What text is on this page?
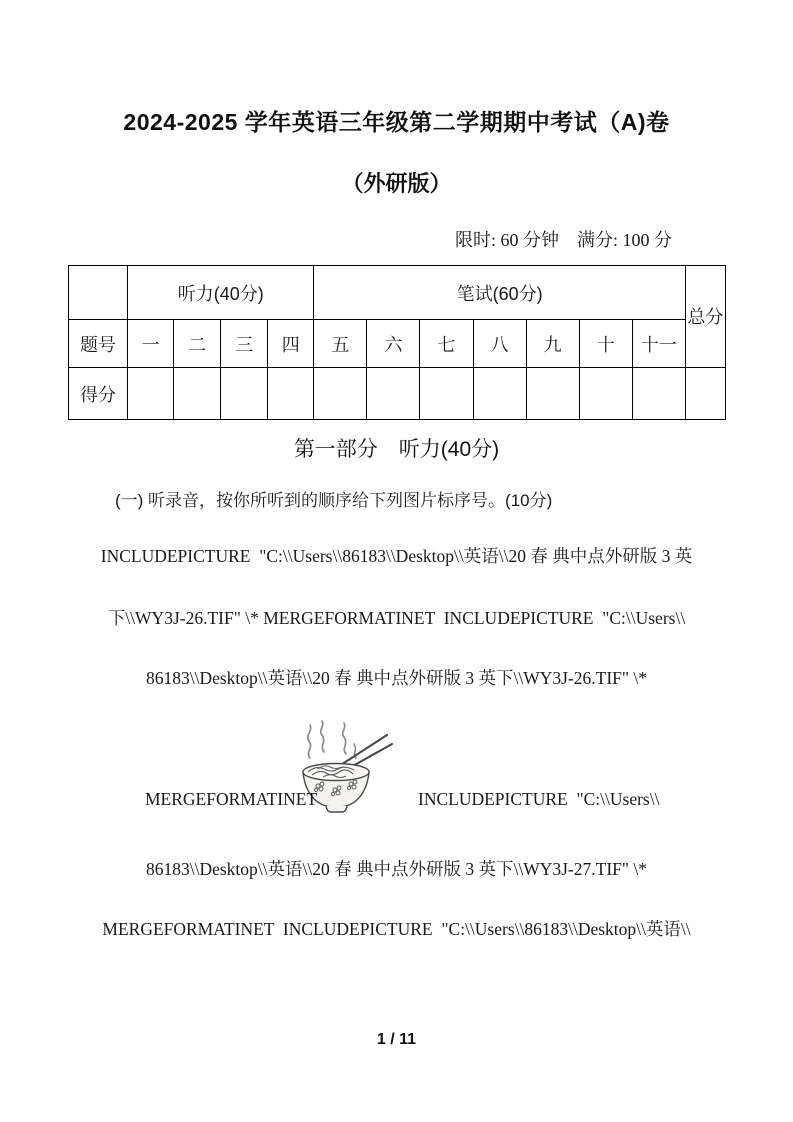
2024-2025 学年英语三年级第二学期期中考试（A)卷
（外研版）
限时: 60 分钟　满分: 100 分
	听力(40分)				笔试(60分)							总分
题号	一	二	三	四	五	六	七	八	九	十	十一	
得分												
第一部分　听力(40分)
(一) 听录音，按你所听到的顺序给下列图片标序号。(10分)
INCLUDEPICTURE  "C:\\Users\\86183\\Desktop\\英语\\20 春 典中点外研版 3 英
下\\WY3J-26.TIF" \* MERGEFORMATINET  INCLUDEPICTURE  "C:\\Users\\
86183\\Desktop\\英语\\20 春 典中点外研版 3 英下\\WY3J-26.TIF" \*
MERGEFORMATINET	INCLUDEPICTURE  "C:\\Users\\
86183\\Desktop\\英语\\20 春 典中点外研版 3 英下\\WY3J-27.TIF" \*
MERGEFORMATINET  INCLUDEPICTURE  "C:\\Users\\86183\\Desktop\\英语\\
1 / 11
